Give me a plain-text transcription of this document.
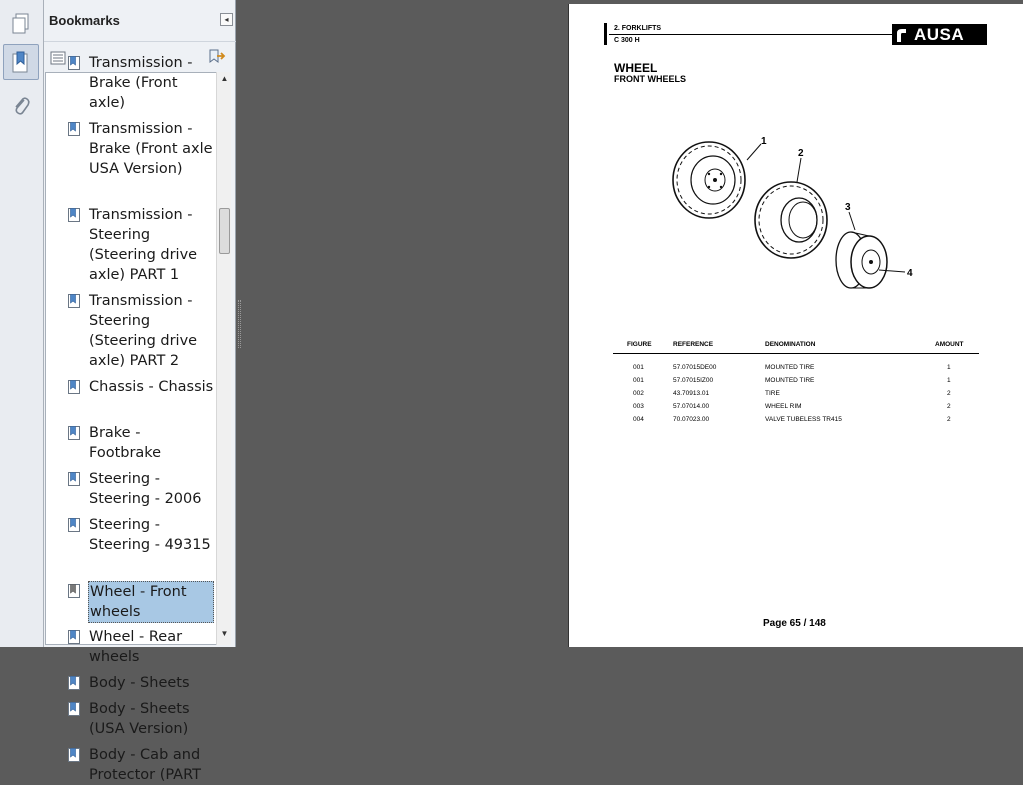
Bookmarks	◂
Transmission - Brake (Front axle)
Transmission - Brake (Front axle USA Version)
Transmission - Steering (Steering drive axle) PART 1
Transmission - Steering (Steering drive axle) PART 2
Chassis - Chassis
Brake - Footbrake
Steering - Steering - 2006
Steering - Steering - 49315
Wheel - Front wheels
Wheel - Rear wheels
Body - Sheets
Body - Sheets (USA Version)
Body - Cab and Protector (PART
▲
▼
2. FORKLIFTS
C 300 H	AUSA
WHEEL
FRONT WHEELS
1
2
3
4
FIGURE	REFERENCE	DENOMINATION	AMOUNT
001	57.07015DE00	MOUNTED TIRE	1
001	57.07015IZ00	MOUNTED TIRE	1
002	43.70913.01	TIRE	2
003	57.07014.00	WHEEL RIM	2
004	70.07023.00	VALVE TUBELESS TR415	2
Page 65 / 148
